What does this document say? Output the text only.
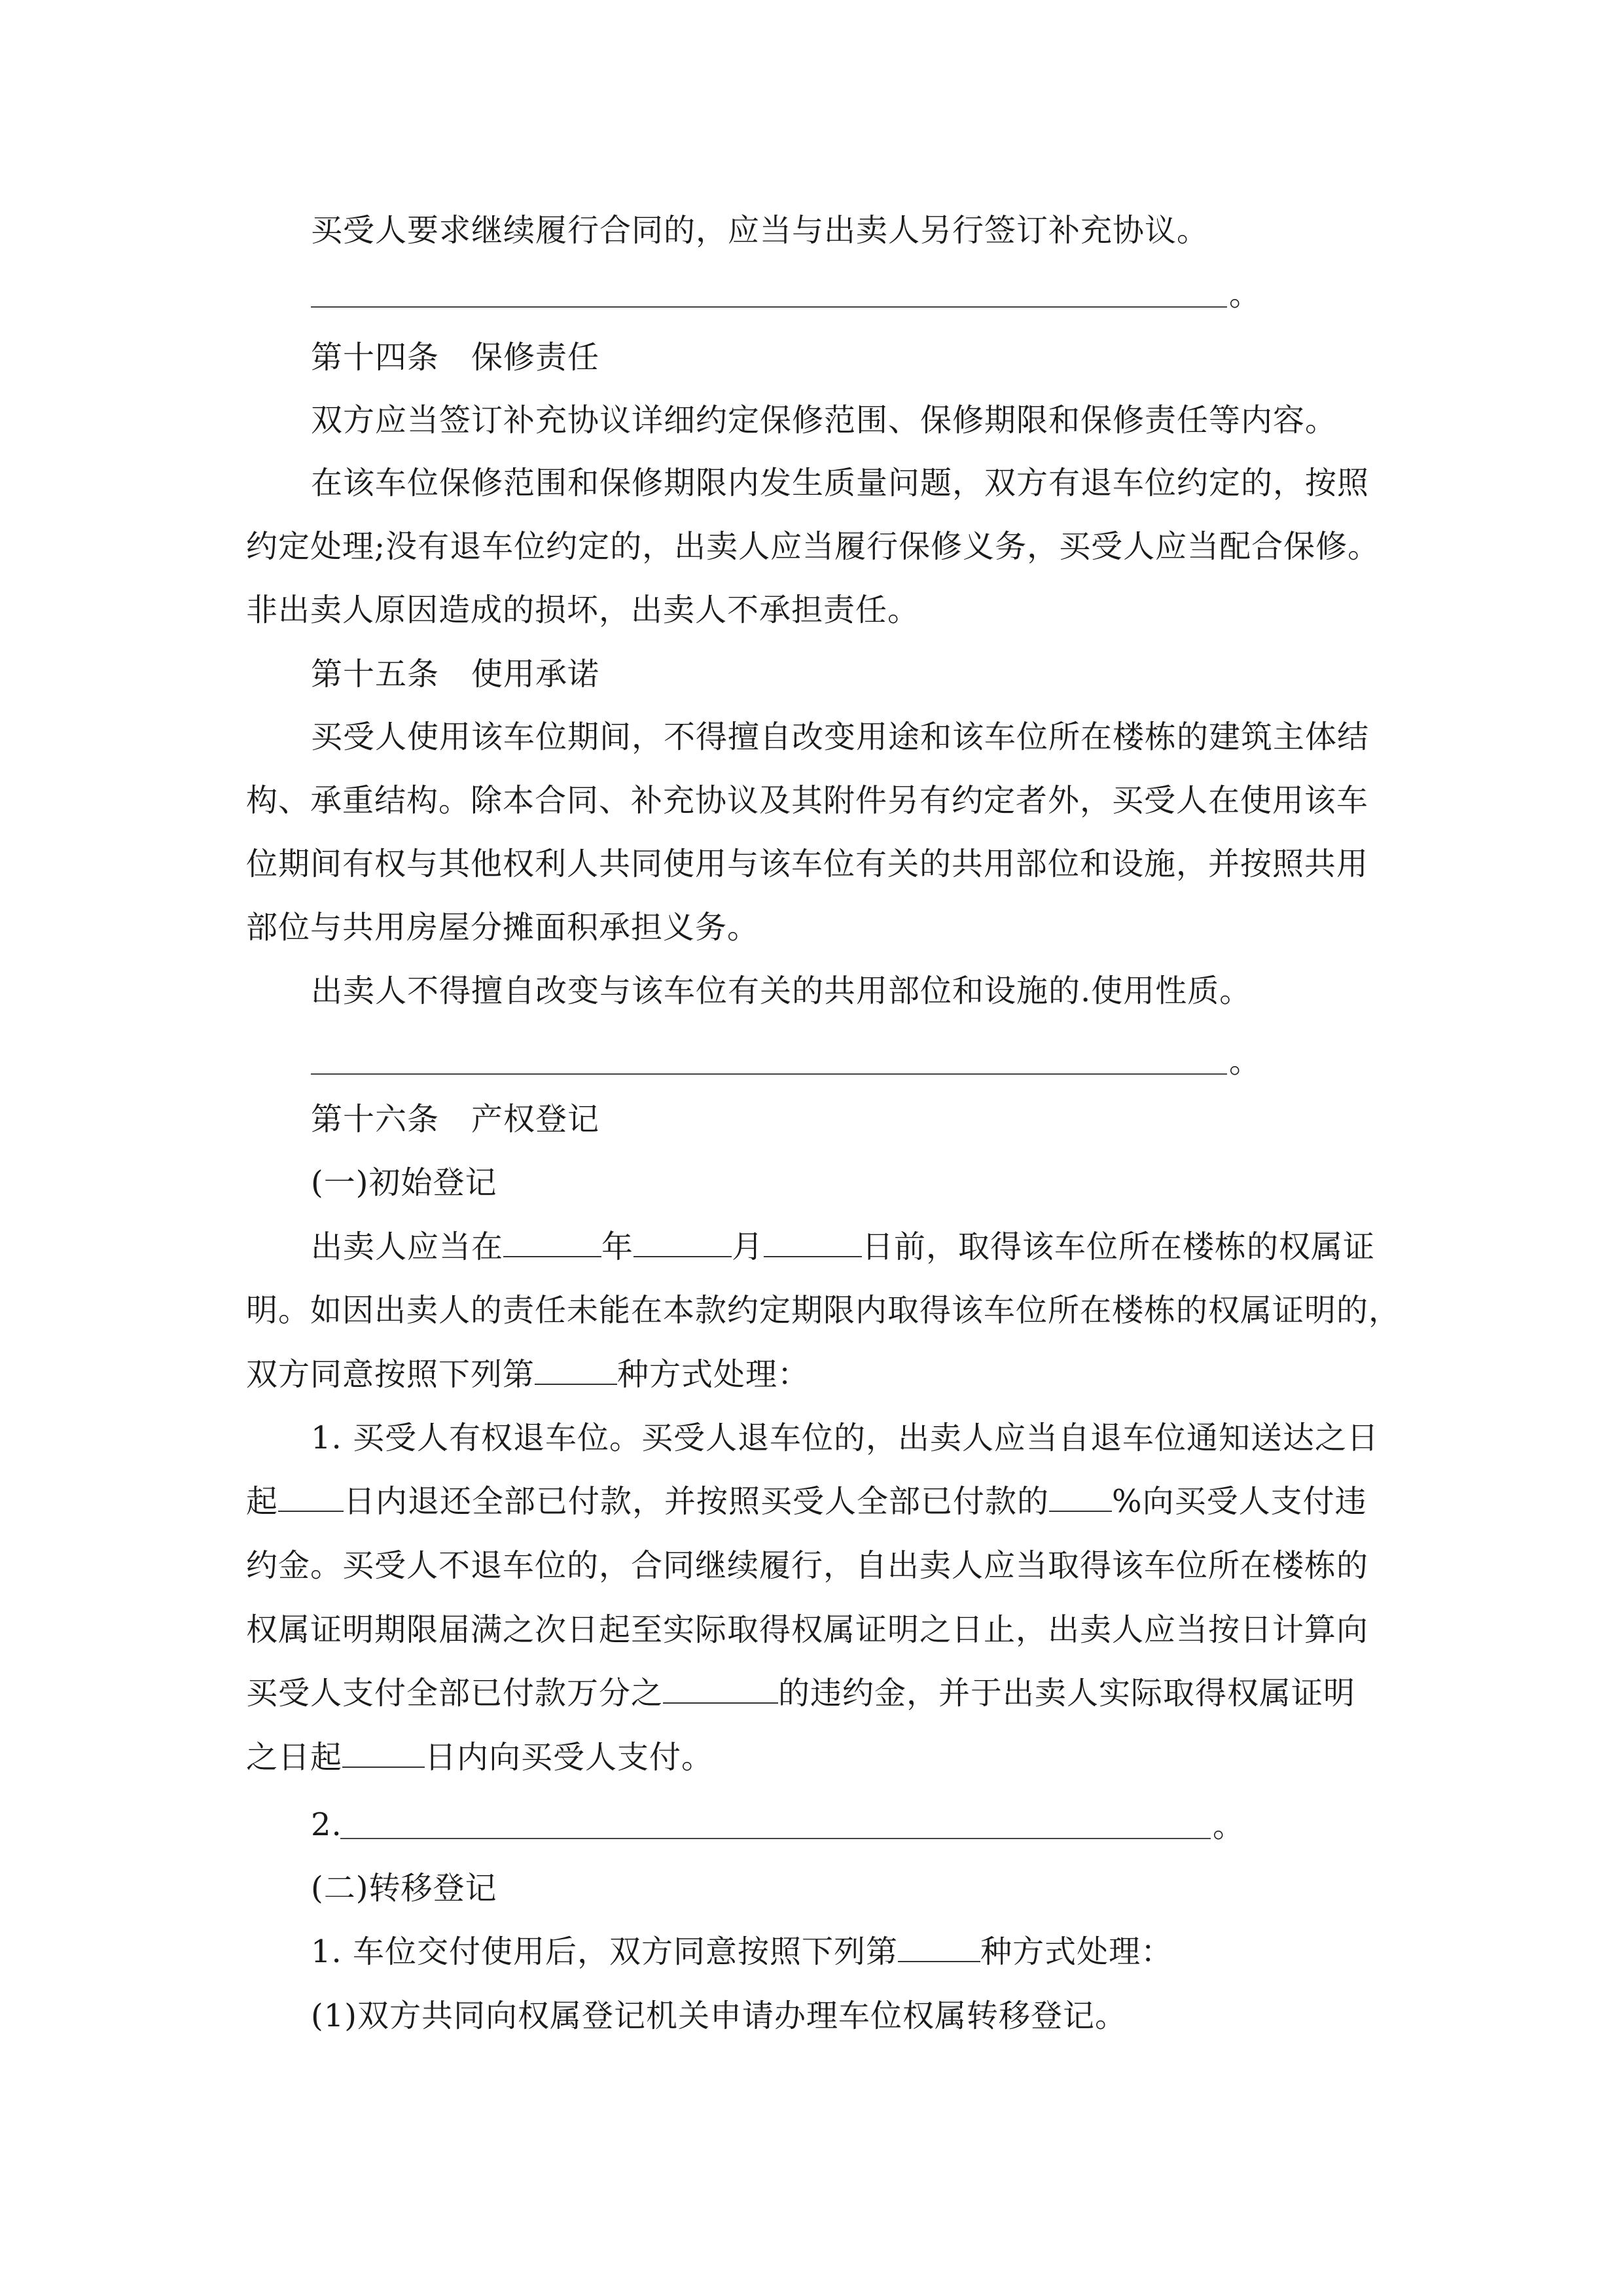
买受人要求继续履行合同的，应当与出卖人另行签订补充协议。
。
第十四条　保修责任
双方应当签订补充协议详细约定保修范围、保修期限和保修责任等内容。
在该车位保修范围和保修期限内发生质量问题，双方有退车位约定的，按照
约定处理;没有退车位约定的，出卖人应当履行保修义务，买受人应当配合保修。
非出卖人原因造成的损坏，出卖人不承担责任。
第十五条　使用承诺
买受人使用该车位期间，不得擅自改变用途和该车位所在楼栋的建筑主体结
构、承重结构。除本合同、补充协议及其附件另有约定者外，买受人在使用该车
位期间有权与其他权利人共同使用与该车位有关的共用部位和设施，并按照共用
部位与共用房屋分摊面积承担义务。
出卖人不得擅自改变与该车位有关的共用部位和设施的.使用性质。
。
第十六条　产权登记
(一)初始登记
出卖人应当在	年	月	日前，取得该车位所在楼栋的权属证
明。如因出卖人的责任未能在本款约定期限内取得该车位所在楼栋的权属证明的，
双方同意按照下列第	种方式处理：
1. 买受人有权退车位。买受人退车位的，出卖人应当自退车位通知送达之日
起 日内退还全部已付款，并按照买受人全部已付款的 %向买受人支付违
约金。买受人不退车位的，合同继续履行，自出卖人应当取得该车位所在楼栋的
权属证明期限届满之次日起至实际取得权属证明之日止，出卖人应当按日计算向
买受人支付全部已付款万分之	的违约金，并于出卖人实际取得权属证明
之日起	日内向买受人支付。
2.	。
(二)转移登记
1. 车位交付使用后，双方同意按照下列第	种方式处理：
(1)双方共同向权属登记机关申请办理车位权属转移登记。
